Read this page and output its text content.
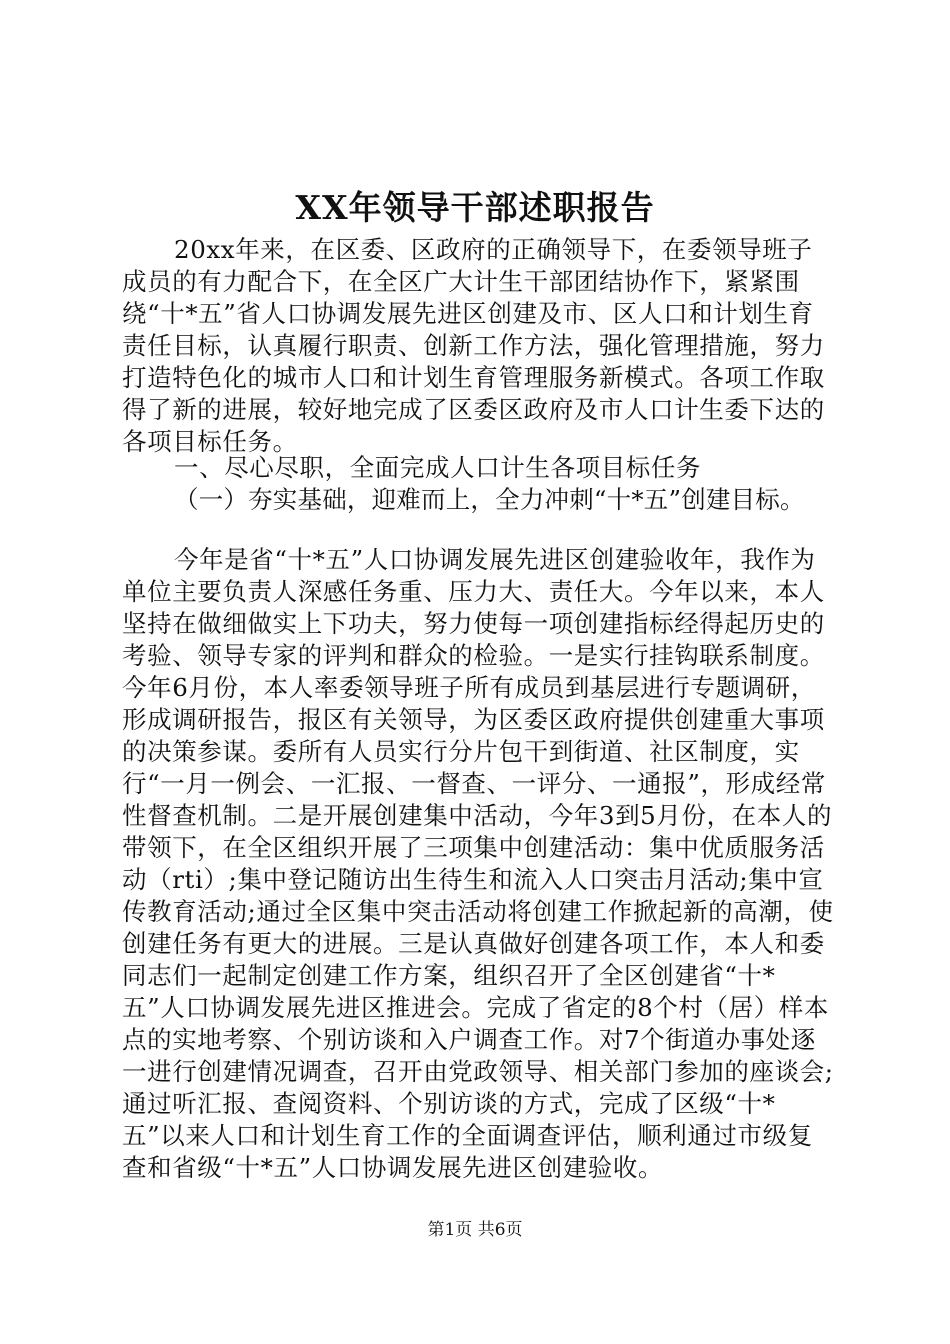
XX年领导干部述职报告

20xx年来，在区委、区政府的正确领导下，在委领导班子成员的有力配合下，在全区广大计生干部团结协作下，紧紧围绕“十*五”省人口协调发展先进区创建及市、区人口和计划生育责任目标，认真履行职责、创新工作方法，强化管理措施，努力打造特色化的城市人口和计划生育管理服务新模式。各项工作取得了新的进展，较好地完成了区委区政府及市人口计生委下达的各项目标任务。

一、尽心尽职，全面完成人口计生各项目标任务

（一）夯实基础，迎难而上，全力冲刺“十*五”创建目标。

今年是省“十*五”人口协调发展先进区创建验收年，我作为单位主要负责人深感任务重、压力大、责任大。今年以来，本人坚持在做细做实上下功夫，努力使每一项创建指标经得起历史的考验、领导专家的评判和群众的检验。一是实行挂钩联系制度。今年6月份，本人率委领导班子所有成员到基层进行专题调研，形成调研报告，报区有关领导，为区委区政府提供创建重大事项的决策参谋。委所有人员实行分片包干到街道、社区制度，实行“一月一例会、一汇报、一督查、一评分、一通报”，形成经常性督查机制。二是开展创建集中活动，今年3到5月份，在本人的带领下，在全区组织开展了三项集中创建活动：集中优质服务活动（rti）;集中登记随访出生待生和流入人口突击月活动;集中宣传教育活动;通过全区集中突击活动将创建工作掀起新的高潮，使创建任务有更大的进展。三是认真做好创建各项工作，本人和委同志们一起制定创建工作方案，组织召开了全区创建省“十*五”人口协调发展先进区推进会。完成了省定的8个村（居）样本点的实地考察、个别访谈和入户调查工作。对7个街道办事处逐一进行创建情况调查，召开由党政领导、相关部门参加的座谈会;通过听汇报、查阅资料、个别访谈的方式，完成了区级“十*五”以来人口和计划生育工作的全面调查评估，顺利通过市级复查和省级“十*五”人口协调发展先进区创建验收。

第1页 共6页
